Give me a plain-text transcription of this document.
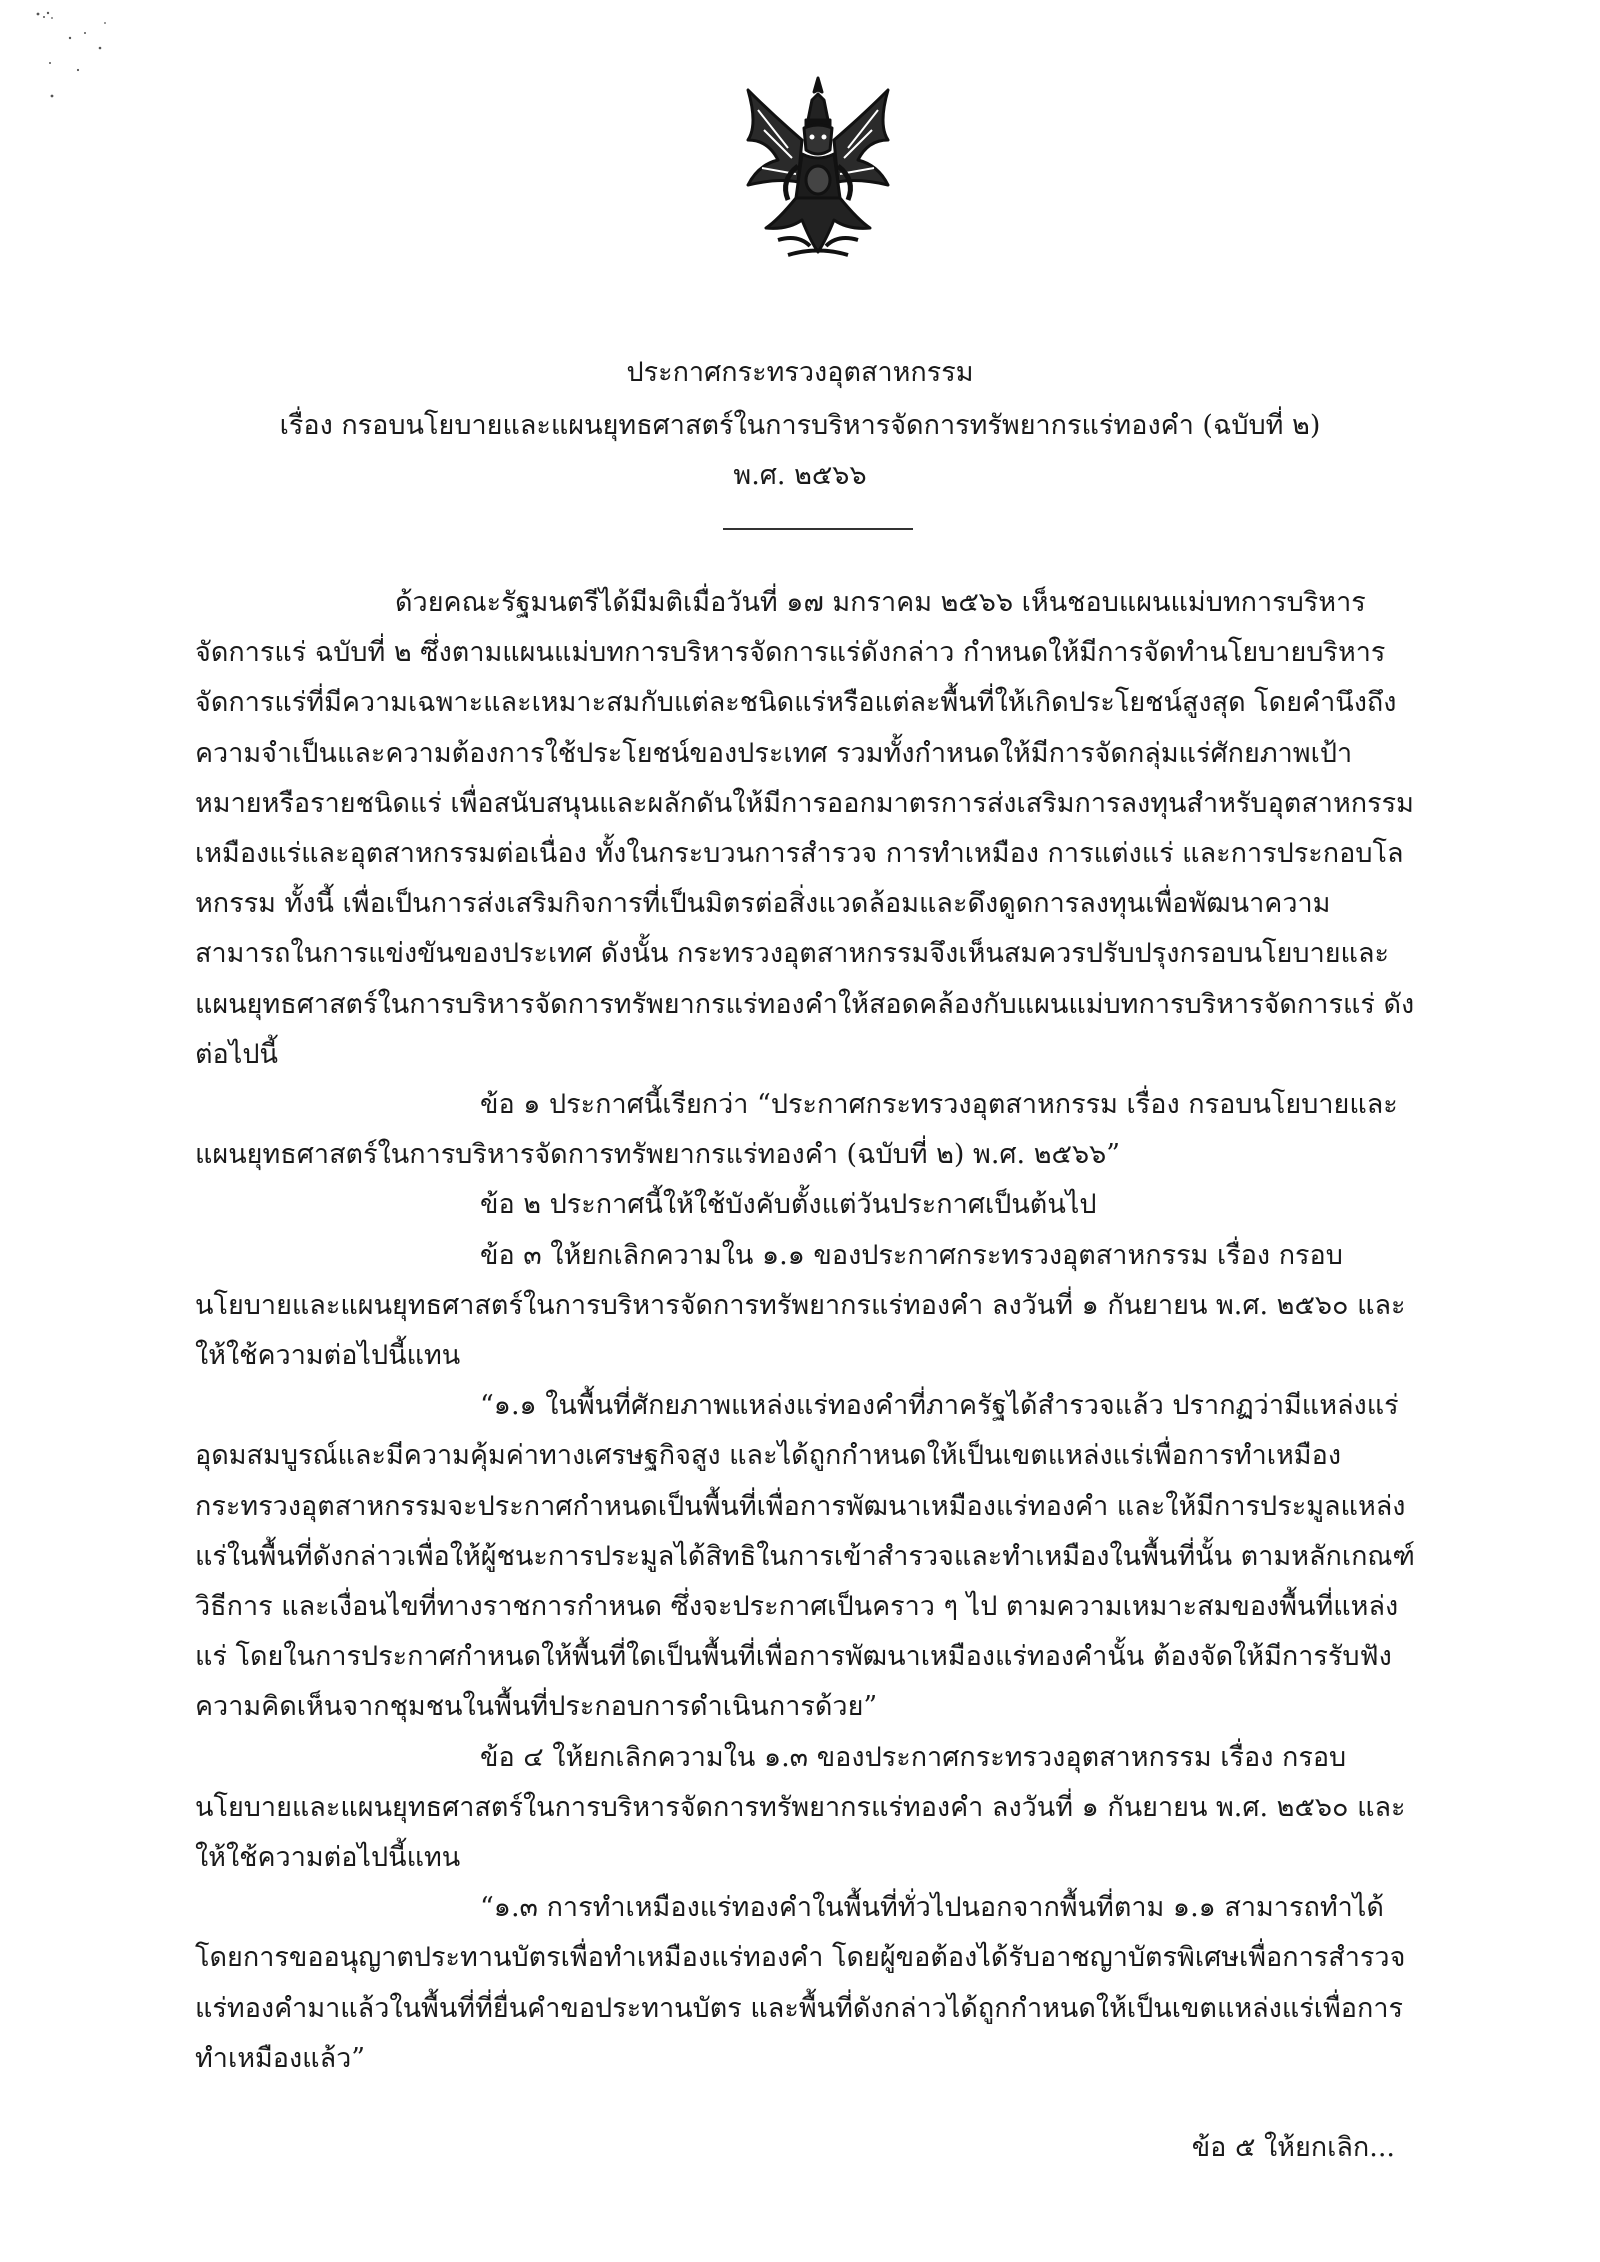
ประกาศกระทรวงอุตสาหกรรม
เรื่อง กรอบนโยบายและแผนยุทธศาสตร์ในการบริหารจัดการทรัพยากรแร่ทองคำ (ฉบับที่ ๒)
พ.ศ. ๒๕๖๖

ด้วยคณะรัฐมนตรีได้มีมติเมื่อวันที่ ๑๗ มกราคม ๒๕๖๖ เห็นชอบแผนแม่บทการบริหารจัดการแร่ ฉบับที่ ๒ ซึ่งตามแผนแม่บทการบริหารจัดการแร่ดังกล่าว กำหนดให้มีการจัดทำนโยบายบริหารจัดการแร่ที่มีความเฉพาะและเหมาะสมกับแต่ละชนิดแร่หรือแต่ละพื้นที่ให้เกิดประโยชน์สูงสุด โดยคำนึงถึงความจำเป็นและความต้องการใช้ประโยชน์ของประเทศ รวมทั้งกำหนดให้มีการจัดกลุ่มแร่ศักยภาพเป้าหมายหรือรายชนิดแร่ เพื่อสนับสนุนและผลักดันให้มีการออกมาตรการส่งเสริมการลงทุนสำหรับอุตสาหกรรมเหมืองแร่และอุตสาหกรรมต่อเนื่อง ทั้งในกระบวนการสำรวจ การทำเหมือง การแต่งแร่ และการประกอบโลหกรรม ทั้งนี้ เพื่อเป็นการส่งเสริมกิจการที่เป็นมิตรต่อสิ่งแวดล้อมและดึงดูดการลงทุนเพื่อพัฒนาความสามารถในการแข่งขันของประเทศ ดังนั้น กระทรวงอุตสาหกรรมจึงเห็นสมควรปรับปรุงกรอบนโยบายและแผนยุทธศาสตร์ในการบริหารจัดการทรัพยากรแร่ทองคำให้สอดคล้องกับแผนแม่บทการบริหารจัดการแร่ ดังต่อไปนี้

ข้อ ๑ ประกาศนี้เรียกว่า “ประกาศกระทรวงอุตสาหกรรม เรื่อง กรอบนโยบายและแผนยุทธศาสตร์ในการบริหารจัดการทรัพยากรแร่ทองคำ (ฉบับที่ ๒) พ.ศ. ๒๕๖๖”

ข้อ ๒ ประกาศนี้ให้ใช้บังคับตั้งแต่วันประกาศเป็นต้นไป

ข้อ ๓ ให้ยกเลิกความใน ๑.๑ ของประกาศกระทรวงอุตสาหกรรม เรื่อง กรอบนโยบายและแผนยุทธศาสตร์ในการบริหารจัดการทรัพยากรแร่ทองคำ ลงวันที่ ๑ กันยายน พ.ศ. ๒๕๖๐ และให้ใช้ความต่อไปนี้แทน

“๑.๑ ในพื้นที่ศักยภาพแหล่งแร่ทองคำที่ภาครัฐได้สำรวจแล้ว ปรากฏว่ามีแหล่งแร่อุดมสมบูรณ์และมีความคุ้มค่าทางเศรษฐกิจสูง และได้ถูกกำหนดให้เป็นเขตแหล่งแร่เพื่อการทำเหมือง กระทรวงอุตสาหกรรมจะประกาศกำหนดเป็นพื้นที่เพื่อการพัฒนาเหมืองแร่ทองคำ และให้มีการประมูลแหล่งแร่ในพื้นที่ดังกล่าวเพื่อให้ผู้ชนะการประมูลได้สิทธิในการเข้าสำรวจและทำเหมืองในพื้นที่นั้น ตามหลักเกณฑ์ วิธีการ และเงื่อนไขที่ทางราชการกำหนด ซึ่งจะประกาศเป็นคราว ๆ ไป ตามความเหมาะสมของพื้นที่แหล่งแร่ โดยในการประกาศกำหนดให้พื้นที่ใดเป็นพื้นที่เพื่อการพัฒนาเหมืองแร่ทองคำนั้น ต้องจัดให้มีการรับฟังความคิดเห็นจากชุมชนในพื้นที่ประกอบการดำเนินการด้วย”

ข้อ ๔ ให้ยกเลิกความใน ๑.๓ ของประกาศกระทรวงอุตสาหกรรม เรื่อง กรอบนโยบายและแผนยุทธศาสตร์ในการบริหารจัดการทรัพยากรแร่ทองคำ ลงวันที่ ๑ กันยายน พ.ศ. ๒๕๖๐ และให้ใช้ความต่อไปนี้แทน

“๑.๓ การทำเหมืองแร่ทองคำในพื้นที่ทั่วไปนอกจากพื้นที่ตาม ๑.๑ สามารถทำได้โดยการขออนุญาตประทานบัตรเพื่อทำเหมืองแร่ทองคำ โดยผู้ขอต้องได้รับอาชญาบัตรพิเศษเพื่อการสำรวจแร่ทองคำมาแล้วในพื้นที่ที่ยื่นคำขอประทานบัตร และพื้นที่ดังกล่าวได้ถูกกำหนดให้เป็นเขตแหล่งแร่เพื่อการทำเหมืองแล้ว”

ข้อ ๕ ให้ยกเลิก...
